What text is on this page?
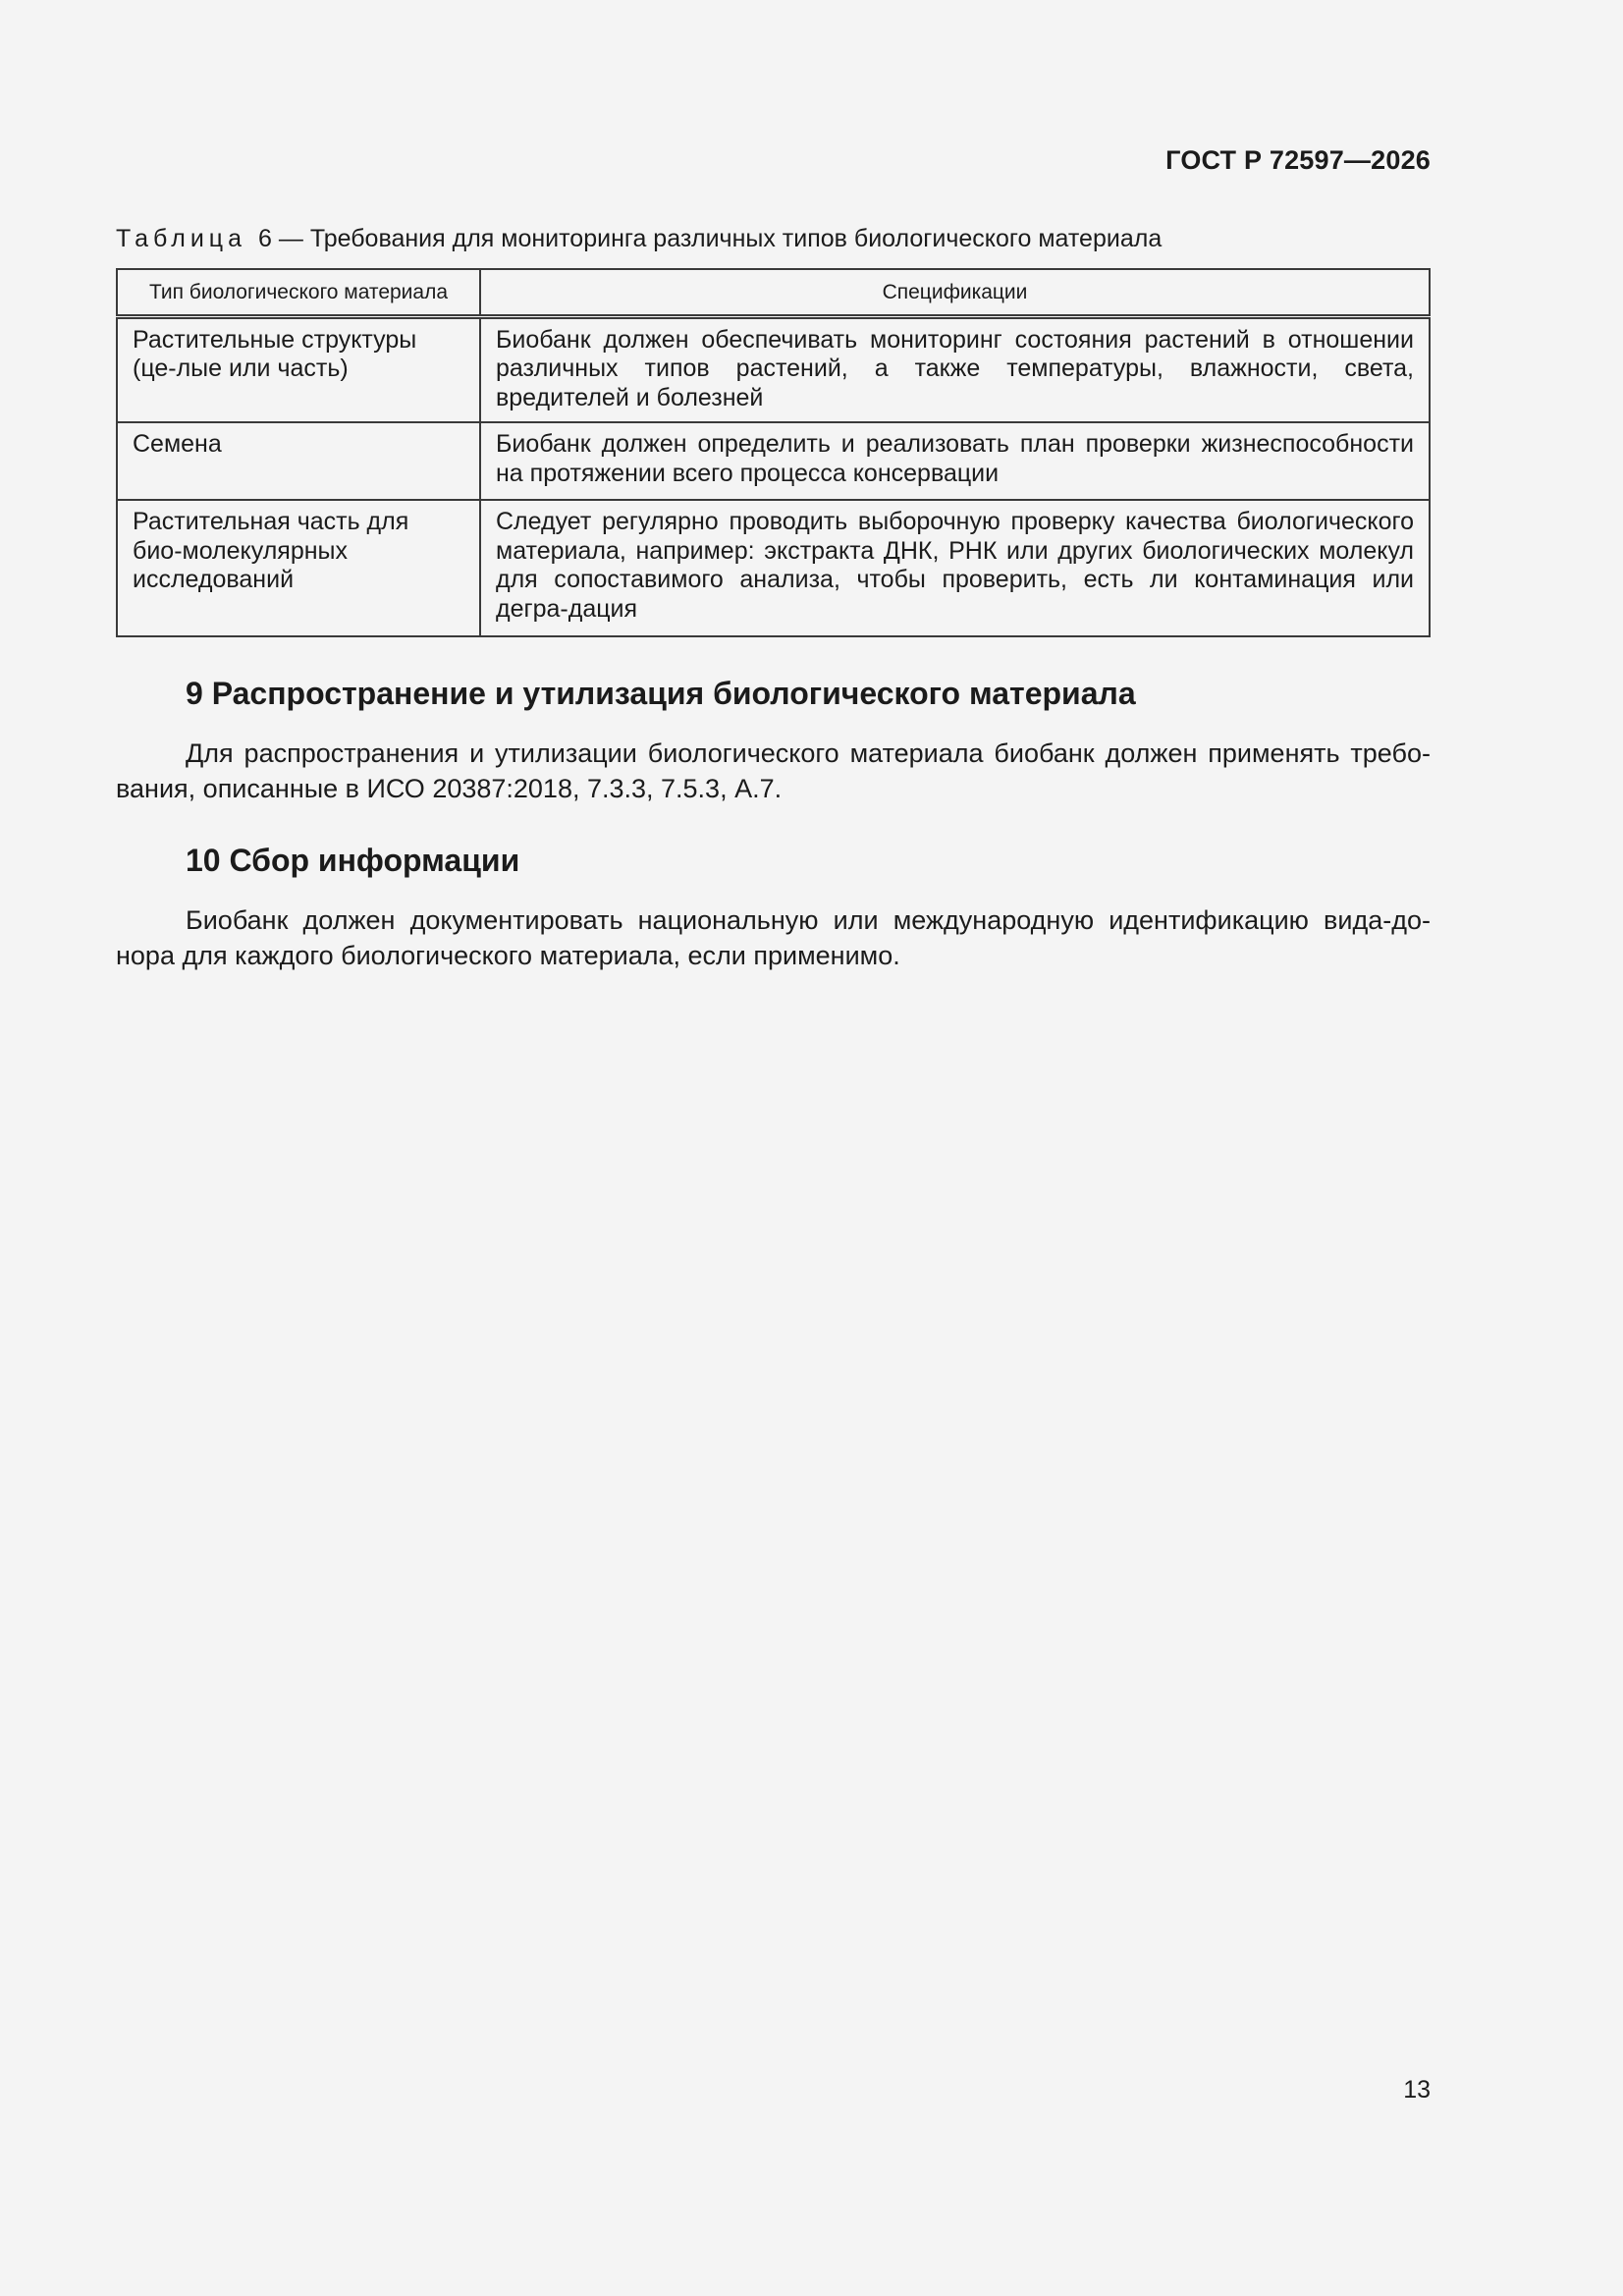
ГОСТ Р 72597—2026
Таблица 6 — Требования для мониторинга различных типов биологического материала
Тип биологического материала	Спецификации
Растительные структуры (це-лые или часть)	Биобанк должен обеспечивать мониторинг состояния растений в отношении различных типов растений, а также температуры, влажности, света, вредителей и болезней
Семена	Биобанк должен определить и реализовать план проверки жизнеспособности на протяжении всего процесса консервации
Растительная часть для био-молекулярных исследований	Следует регулярно проводить выборочную проверку качества биологического материала, например: экстракта ДНК, РНК или других биологических молекул для сопоставимого анализа, чтобы проверить, есть ли контаминация или дегра-дация
9 Распространение и утилизация биологического материала
Для распространения и утилизации биологического материала биобанк должен применять требо-вания, описанные в ИСО 20387:2018, 7.3.3, 7.5.3, А.7.
10 Сбор информации
Биобанк должен документировать национальную или международную идентификацию вида-до-нора для каждого биологического материала, если применимо.
13
